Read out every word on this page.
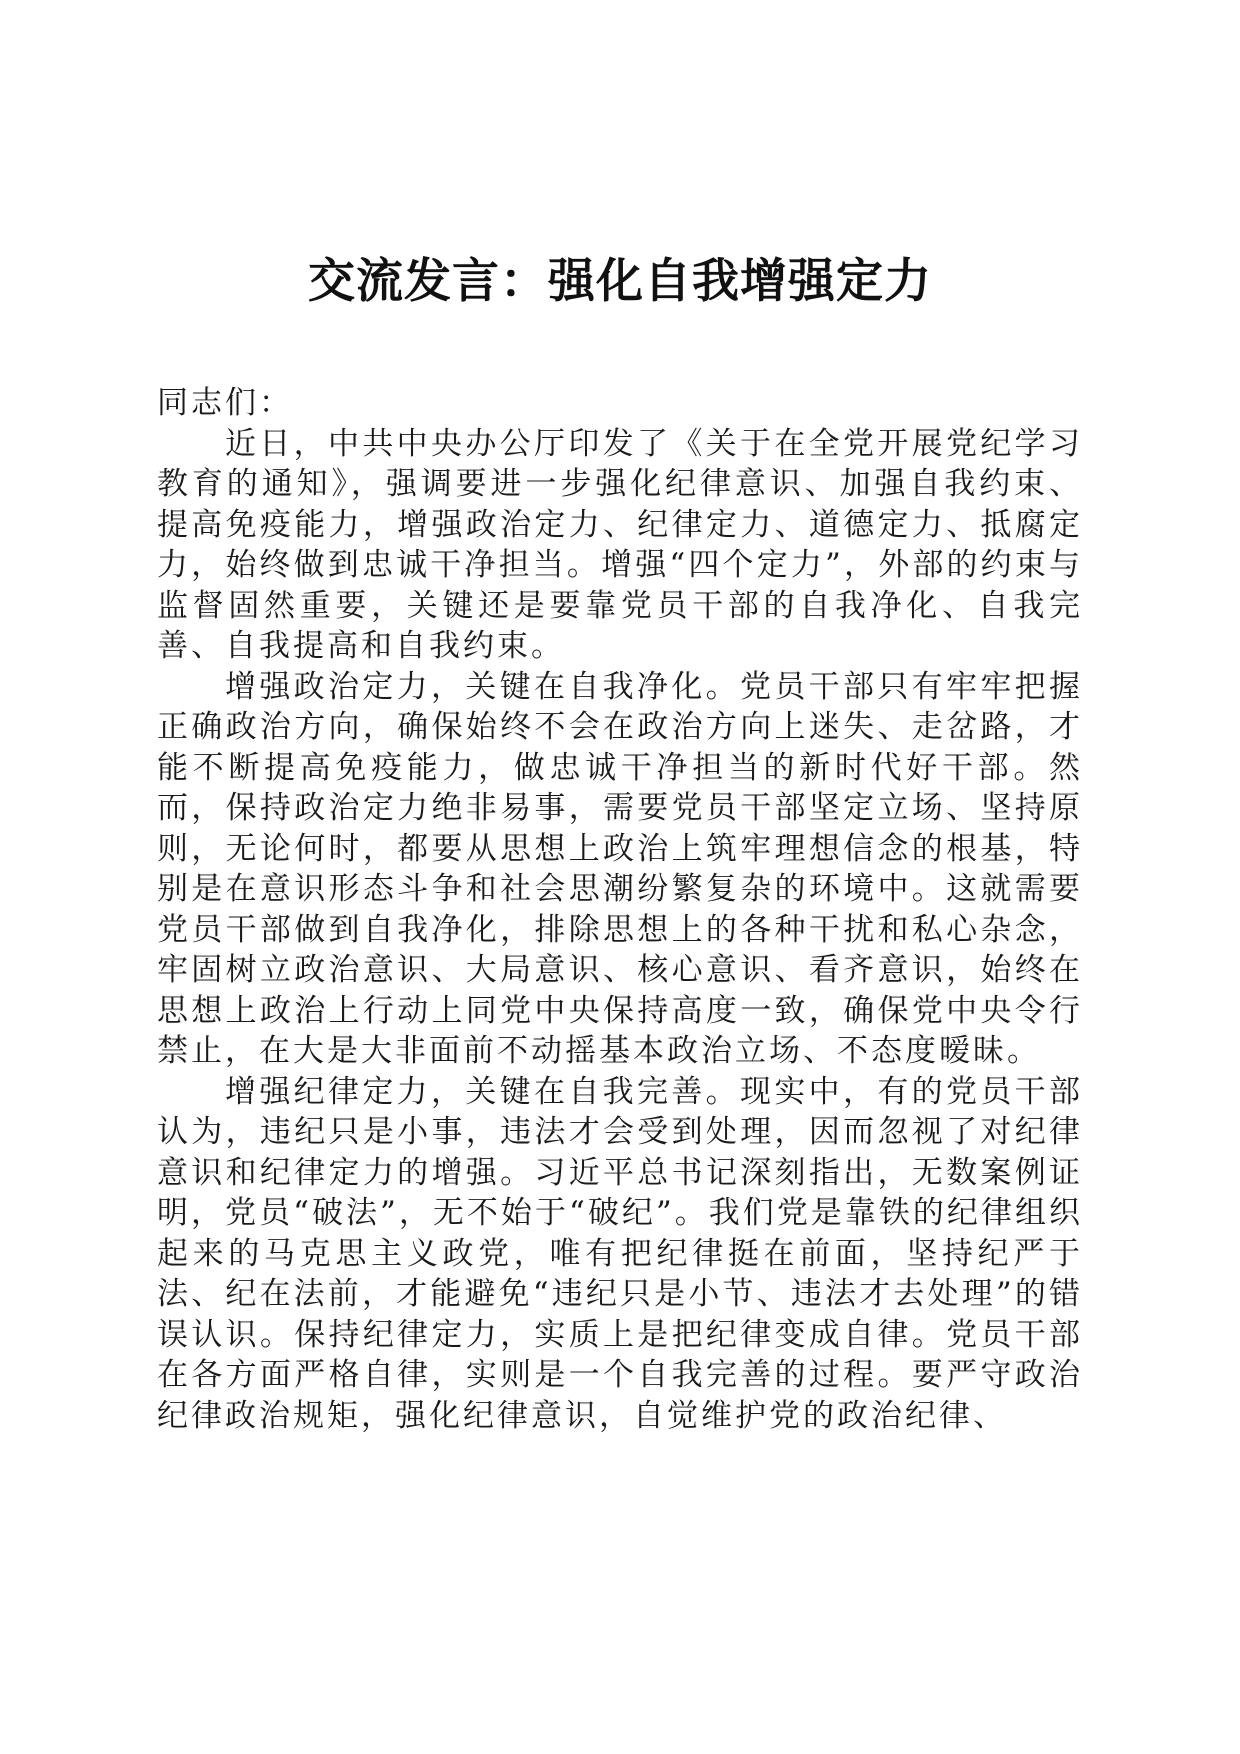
交流发言：强化自我增强定力

同志们：

近日，中共中央办公厅印发了《关于在全党开展党纪学习教育的通知》，强调要进一步强化纪律意识、加强自我约束、提高免疫能力，增强政治定力、纪律定力、道德定力、抵腐定力，始终做到忠诚干净担当。增强“四个定力”，外部的约束与监督固然重要，关键还是要靠党员干部的自我净化、自我完善、自我提高和自我约束。

增强政治定力，关键在自我净化。党员干部只有牢牢把握正确政治方向，确保始终不会在政治方向上迷失、走岔路，才能不断提高免疫能力，做忠诚干净担当的新时代好干部。然而，保持政治定力绝非易事，需要党员干部坚定立场、坚持原则，无论何时，都要从思想上政治上筑牢理想信念的根基，特别是在意识形态斗争和社会思潮纷繁复杂的环境中。这就需要党员干部做到自我净化，排除思想上的各种干扰和私心杂念，牢固树立政治意识、大局意识、核心意识、看齐意识，始终在思想上政治上行动上同党中央保持高度一致，确保党中央令行禁止，在大是大非面前不动摇基本政治立场、不态度暧昧。

增强纪律定力，关键在自我完善。现实中，有的党员干部认为，违纪只是小事，违法才会受到处理，因而忽视了对纪律意识和纪律定力的增强。习近平总书记深刻指出，无数案例证明，党员“破法”，无不始于“破纪”。我们党是靠铁的纪律组织起来的马克思主义政党，唯有把纪律挺在前面，坚持纪严于法、纪在法前，才能避免“违纪只是小节、违法才去处理”的错误认识。保持纪律定力，实质上是把纪律变成自律。党员干部在各方面严格自律，实则是一个自我完善的过程。要严守政治纪律政治规矩，强化纪律意识，自觉维护党的政治纪律、
